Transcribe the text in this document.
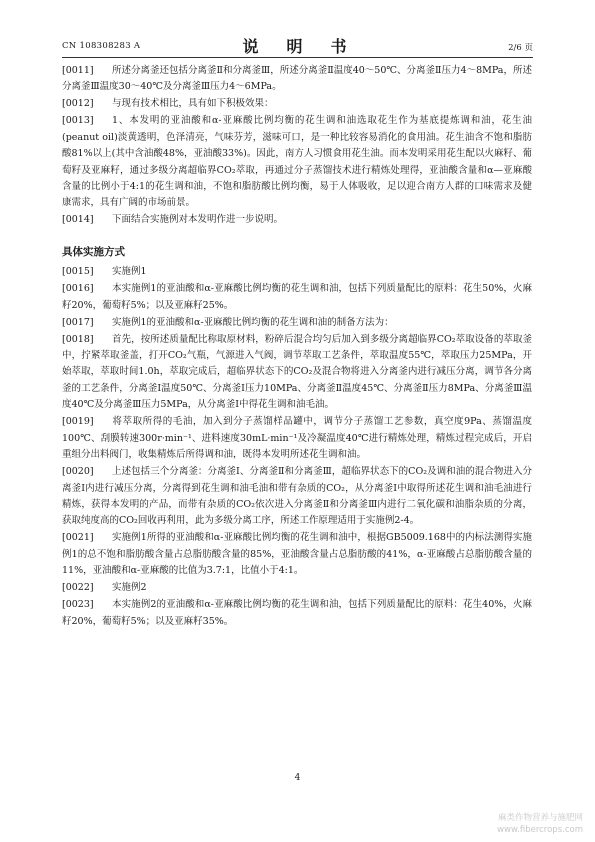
CN 108308283 A	说　明　书	2/6 页
[0011] 所述分离釜还包括分离釜Ⅱ和分离釜Ⅲ，所述分离釜Ⅱ温度40～50℃、分离釜Ⅱ压力4～8MPa，所述分离釜Ⅲ温度30～40℃及分离釜Ⅲ压力4～6MPa。
[0012] 与现有技术相比，具有如下积极效果：
[0013] 1、本发明的亚油酸和α-亚麻酸比例均衡的花生调和油选取花生作为基底提炼调和油，花生油(peanut oil)淡黄透明，色泽清亮，气味芬芳，滋味可口，是一种比较容易消化的食用油。花生油含不饱和脂肪酸81%以上(其中含油酸48%，亚油酸33%)。因此，南方人习惯食用花生油。而本发明采用花生配以火麻籽、葡萄籽及亚麻籽，通过多级分离超临界CO₂萃取，再通过分子蒸馏技术进行精炼处理得，亚油酸含量和α—亚麻酸含量的比例小于4:1的花生调和油，不饱和脂肪酸比例均衡，易于人体吸收，足以迎合南方人群的口味需求及健康需求，具有广阔的市场前景。
[0014] 下面结合实施例对本发明作进一步说明。
具体实施方式
[0015] 实施例1
[0016] 本实施例1的亚油酸和α-亚麻酸比例均衡的花生调和油，包括下列质量配比的原料：花生50%，火麻籽20%，葡萄籽5%；以及亚麻籽25%。
[0017] 实施例1的亚油酸和α-亚麻酸比例均衡的花生调和油的制备方法为：
[0018] 首先，按所述质量配比称取原材料，粉碎后混合均匀后加入到多级分离超临界CO₂萃取设备的萃取釜中，拧紧萃取釜盖，打开CO₂气瓶，气源进入气阀，调节萃取工艺条件，萃取温度55℃，萃取压力25MPa，开始萃取，萃取时间1.0h，萃取完成后，超临界状态下的CO₂及混合物将进入分离釜内进行减压分离，调节各分离釜的工艺条件，分离釜Ⅰ温度50℃、分离釜Ⅰ压力10MPa、分离釜Ⅱ温度45℃、分离釜Ⅱ压力8MPa、分离釜Ⅲ温度40℃及分离釜Ⅲ压力5MPa，从分离釜Ⅰ中得花生调和油毛油。
[0019] 将萃取所得的毛油，加入到分子蒸馏样品罐中，调节分子蒸馏工艺参数，真空度9Pa、蒸馏温度100℃、刮膜转速300r·min⁻¹、进料速度30mL·min⁻¹及冷凝温度40℃进行精炼处理，精炼过程完成后，开启重组分出料阀门，收集精炼后所得调和油，既得本发明所述花生调和油。
[0020] 上述包括三个分离釜：分离釜Ⅰ、分离釜Ⅱ和分离釜Ⅲ，超临界状态下的CO₂及调和油的混合物进入分离釜Ⅰ内进行减压分离，分离得到花生调和油毛油和带有杂质的CO₂，从分离釜Ⅰ中取得所述花生调和油毛油进行精炼，获得本发明的产品，而带有杂质的CO₂依次进入分离釜Ⅱ和分离釜Ⅲ内进行二氧化碳和油脂杂质的分离，获取纯度高的CO₂回收再利用，此为多级分离工序，所述工作原理适用于实施例2-4。
[0021] 实施例1所得的亚油酸和α-亚麻酸比例均衡的花生调和油中，根据GB5009.168中的内标法测得实施例1的总不饱和脂肪酸含量占总脂肪酸含量的85%，亚油酸含量占总脂肪酸的41%，α-亚麻酸占总脂肪酸含量的11%，亚油酸和α-亚麻酸的比值为3.7:1，比值小于4:1。
[0022] 实施例2
[0023] 本实施例2的亚油酸和α-亚麻酸比例均衡的花生调和油，包括下列质量配比的原料：花生40%，火麻籽20%，葡萄籽5%；以及亚麻籽35%。
4
麻类作物营养与施肥网
www.fibercrops.com
